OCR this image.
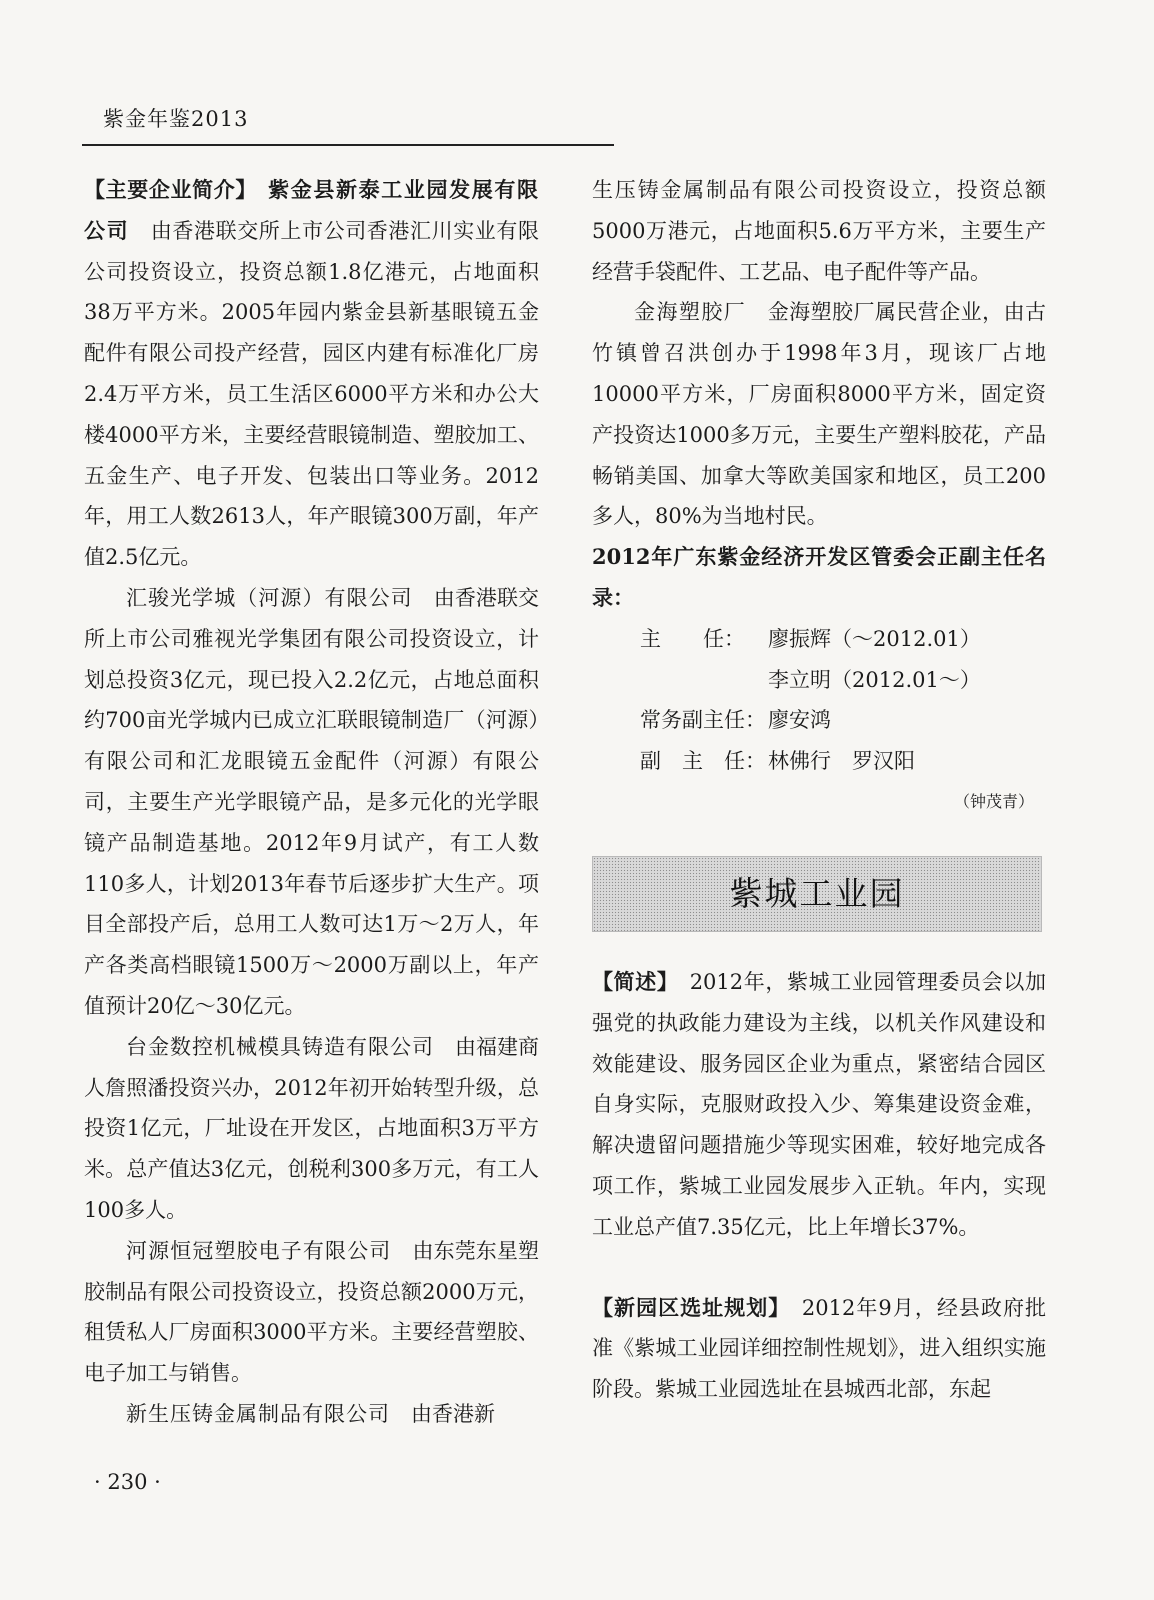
紫金年鉴2013

【主要企业简介】　 紫金县新泰工业园发展有限公司　 由香港联交所上市公司香港汇川实业有限公司投资设立，投资总额1.8亿港元，占地面积38万平方米。2005年园内紫金县新基眼镜五金配件有限公司投产经营，园区内建有标准化厂房2.4万平方米，员工生活区6000平方米和办公大楼4000平方米，主要经营眼镜制造、塑胶加工、五金生产、电子开发、包装出口等业务。2012年，用工人数2613人，年产眼镜300万副，年产值2.5亿元。

汇骏光学城（河源）有限公司　 由香港联交所上市公司雅视光学集团有限公司投资设立，计划总投资3亿元，现已投入2.2亿元，占地总面积约700亩光学城内已成立汇联眼镜制造厂（河源）有限公司和汇龙眼镜五金配件（河源）有限公司，主要生产光学眼镜产品，是多元化的光学眼镜产品制造基地。2012年9月试产，有工人数110多人，计划2013年春节后逐步扩大生产。项目全部投产后，总用工人数可达1万～2万人，年产各类高档眼镜1500万～2000万副以上，年产值预计20亿～30亿元。

台金数控机械模具铸造有限公司　 由福建商人詹照潘投资兴办，2012年初开始转型升级，总投资1亿元，厂址设在开发区，占地面积3万平方米。总产值达3亿元，创税利300多万元，有工人100多人。

河源恒冠塑胶电子有限公司　 由东莞东星塑胶制品有限公司投资设立，投资总额2000万元，租赁私人厂房面积3000平方米。主要经营塑胶、电子加工与销售。

新生压铸金属制品有限公司　 由香港新

生压铸金属制品有限公司投资设立，投资总额5000万港元，占地面积5.6万平方米，主要生产经营手袋配件、工艺品、电子配件等产品。

金海塑胶厂　 金海塑胶厂属民营企业，由古竹镇曾召洪创办于1998年3月，现该厂占地10000平方米，厂房面积8000平方米，固定资产投资达1000多万元，主要生产塑料胶花，产品畅销美国、加拿大等欧美国家和地区，员工200多人，80%为当地村民。

2012年广东紫金经济开发区管委会正副主任名录：

主　　任： 廖振辉（～2012.01）

李立明（2012.01～）

常务副主任：廖安鸿

副　主　任：林佛行　罗汉阳

（钟茂青）

紫城工业园

【简述】　 2012年，紫城工业园管理委员会以加强党的执政能力建设为主线，以机关作风建设和效能建设、服务园区企业为重点，紧密结合园区自身实际，克服财政投入少、筹集建设资金难，解决遗留问题措施少等现实困难，较好地完成各项工作，紫城工业园发展步入正轨。年内，实现工业总产值7.35亿元，比上年增长37%。

【新园区选址规划】　 2012年9月，经县政府批准《紫城工业园详细控制性规划》，进入组织实施阶段。紫城工业园选址在县城西北部，东起

· 230 ·
